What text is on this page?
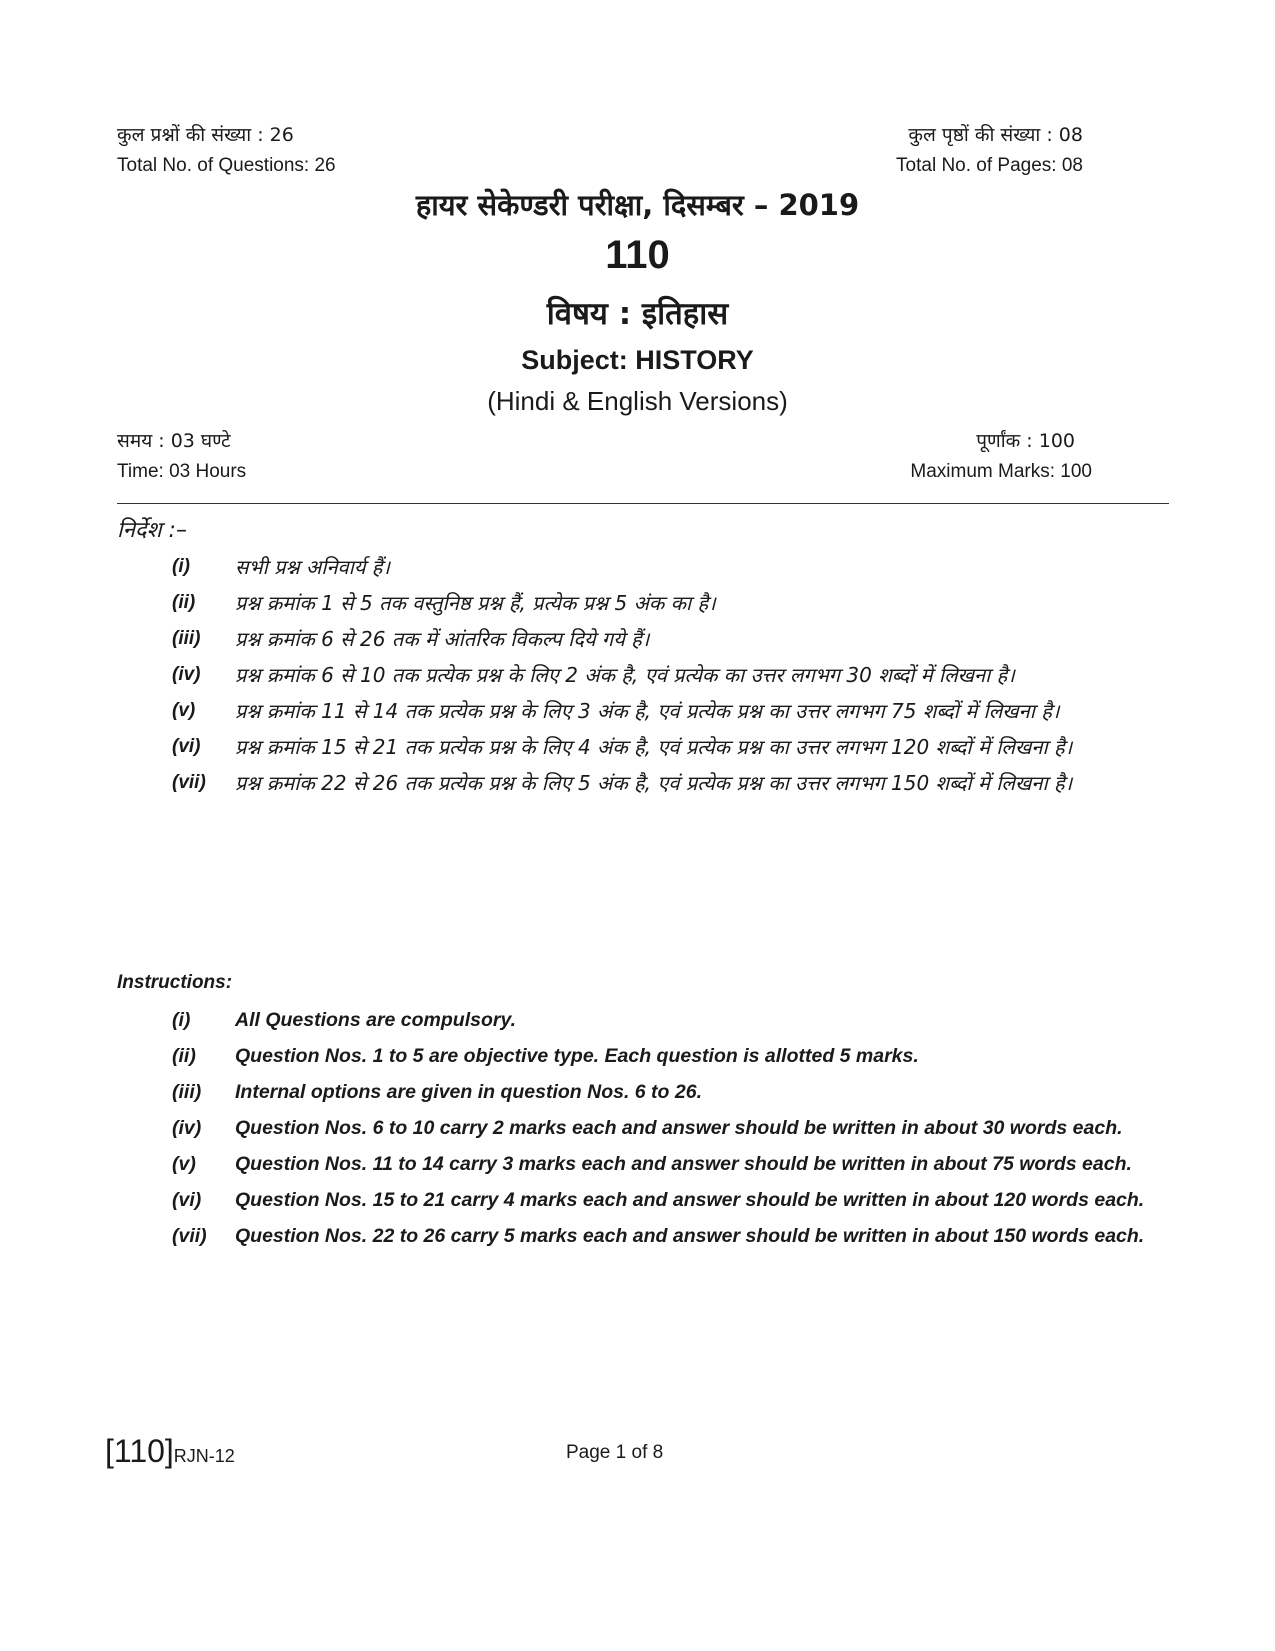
कुल प्रश्नों की संख्या : 26
Total No. of Questions: 26
कुल पृष्ठों की संख्या : 08
Total No. of Pages: 08
हायर सेकेण्डरी परीक्षा, दिसम्बर – 2019
110
विषय : इतिहास
Subject: HISTORY
(Hindi & English Versions)
समय : 03 घण्टे
Time: 03 Hours
पूर्णांक : 100
Maximum Marks: 100
निर्देश :–
(i)	सभी प्रश्न अनिवार्य हैं।
(ii)	प्रश्न क्रमांक 1 से 5 तक वस्तुनिष्ठ प्रश्न हैं, प्रत्येक प्रश्न 5 अंक का है।
(iii)	प्रश्न क्रमांक 6 से 26 तक में आंतरिक विकल्प दिये गये हैं।
(iv)	प्रश्न क्रमांक 6 से 10 तक प्रत्येक प्रश्न के लिए 2 अंक है, एवं प्रत्येक का उत्तर लगभग 30 शब्दों में लिखना है।
(v)	प्रश्न क्रमांक 11 से 14 तक प्रत्येक प्रश्न के लिए 3 अंक है, एवं प्रत्येक प्रश्न का उत्तर लगभग 75 शब्दों में लिखना है।
(vi)	प्रश्न क्रमांक 15 से 21 तक प्रत्येक प्रश्न के लिए 4 अंक है, एवं प्रत्येक प्रश्न का उत्तर लगभग 120 शब्दों में लिखना है।
(vii)	प्रश्न क्रमांक 22 से 26 तक प्रत्येक प्रश्न के लिए 5 अंक है, एवं प्रत्येक प्रश्न का उत्तर लगभग 150 शब्दों में लिखना है।
Instructions:
(i)	All Questions are compulsory.
(ii)	Question Nos. 1 to 5 are objective type. Each question is allotted 5 marks.
(iii)	Internal options are given in question Nos. 6 to 26.
(iv)	Question Nos. 6 to 10 carry 2 marks each and answer should be written in about 30 words each.
(v)	Question Nos. 11 to 14 carry 3 marks each and answer should be written in about 75 words each.
(vi)	Question Nos. 15 to 21 carry 4 marks each and answer should be written in about 120 words each.
(vii)	Question Nos. 22 to 26 carry 5 marks each and answer should be written in about 150 words each.
[110]RJN-12	Page 1 of 8
